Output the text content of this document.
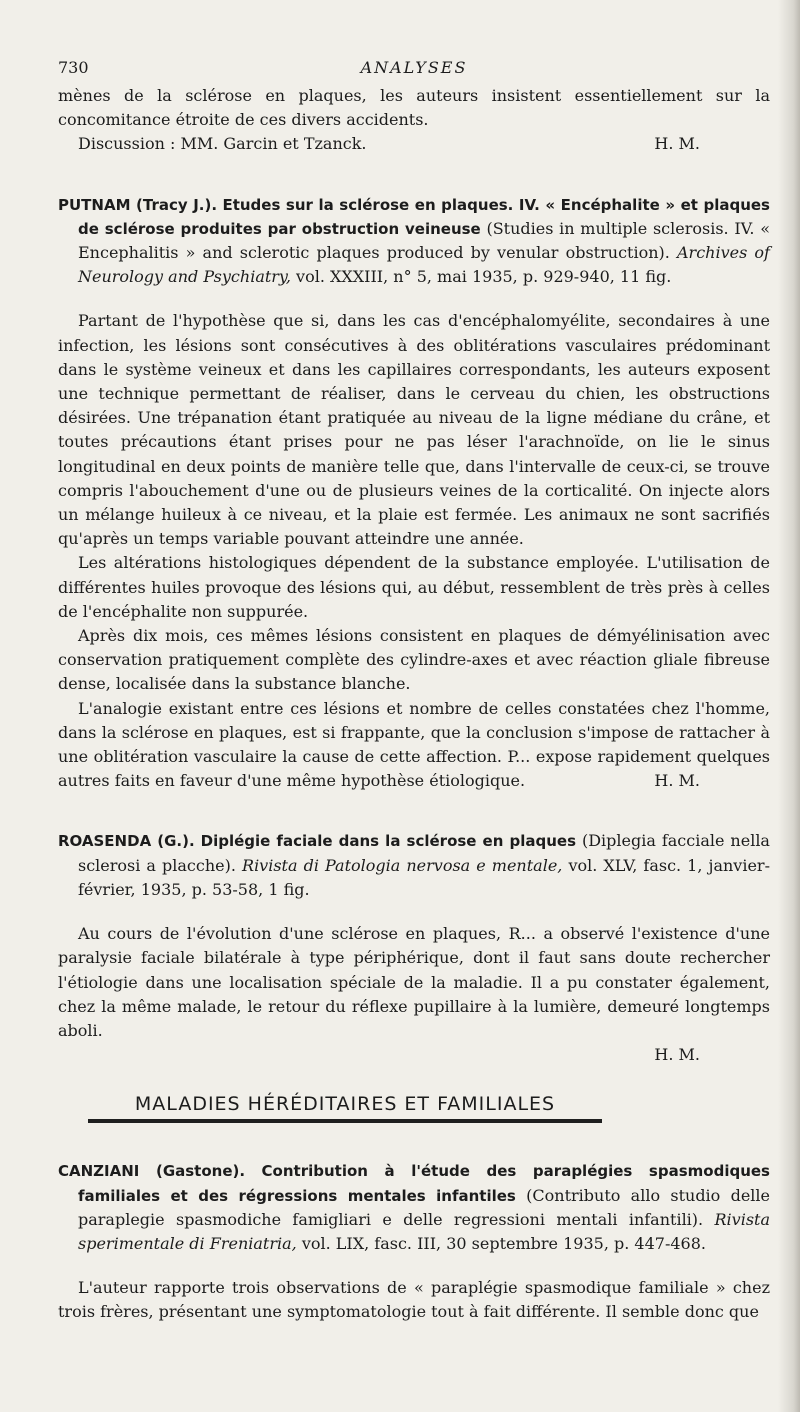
730	ANALYSES

mènes de la sclérose en plaques, les auteurs insistent essentiellement sur la concomitance étroite de ces divers accidents.

Discussion : MM. Garcin et Tzanck.	H. M.

PUTNAM (Tracy J.). Etudes sur la sclérose en plaques. IV. « Encéphalite » et plaques de sclérose produites par obstruction veineuse (Studies in multiple sclerosis. IV. « Encephalitis » and sclerotic plaques produced by venular obstruction). Archives of Neurology and Psychiatry, vol. XXXIII, n° 5, mai 1935, p. 929-940, 11 fig.

Partant de l'hypothèse que si, dans les cas d'encéphalomyélite, secondaires à une infection, les lésions sont consécutives à des oblitérations vasculaires prédominant dans le système veineux et dans les capillaires correspondants, les auteurs exposent une technique permettant de réaliser, dans le cerveau du chien, les obstructions désirées. Une trépanation étant pratiquée au niveau de la ligne médiane du crâne, et toutes précautions étant prises pour ne pas léser l'arachnoïde, on lie le sinus longitudinal en deux points de manière telle que, dans l'intervalle de ceux-ci, se trouve compris l'abouchement d'une ou de plusieurs veines de la corticalité. On injecte alors un mélange huileux à ce niveau, et la plaie est fermée. Les animaux ne sont sacrifiés qu'après un temps variable pouvant atteindre une année.

Les altérations histologiques dépendent de la substance employée. L'utilisation de différentes huiles provoque des lésions qui, au début, ressemblent de très près à celles de l'encéphalite non suppurée.

Après dix mois, ces mêmes lésions consistent en plaques de démyélinisation avec conservation pratiquement complète des cylindre-axes et avec réaction gliale fibreuse dense, localisée dans la substance blanche.

L'analogie existant entre ces lésions et nombre de celles constatées chez l'homme, dans la sclérose en plaques, est si frappante, que la conclusion s'impose de rattacher à une oblitération vasculaire la cause de cette affection. P... expose rapidement quelques autres faits en faveur d'une même hypothèse étiologique.	H. M.

ROASENDA (G.). Diplégie faciale dans la sclérose en plaques (Diplegia facciale nella sclerosi a placche). Rivista di Patologia nervosa e mentale, vol. XLV, fasc. 1, janvier-février, 1935, p. 53-58, 1 fig.

Au cours de l'évolution d'une sclérose en plaques, R... a observé l'existence d'une paralysie faciale bilatérale à type périphérique, dont il faut sans doute rechercher l'étiologie dans une localisation spéciale de la maladie. Il a pu constater également, chez la même malade, le retour du réflexe pupillaire à la lumière, demeuré longtemps aboli.

H. M.
MALADIES HÉRÉDITAIRES ET FAMILIALES

CANZIANI (Gastone). Contribution à l'étude des paraplégies spasmodiques familiales et des régressions mentales infantiles (Contributo allo studio delle paraplegie spasmodiche famigliari e delle regressioni mentali infantili). Rivista sperimentale di Freniatria, vol. LIX, fasc. III, 30 septembre 1935, p. 447-468.

L'auteur rapporte trois observations de « paraplégie spasmodique familiale » chez trois frères, présentant une symptomatologie tout à fait différente. Il semble donc que
